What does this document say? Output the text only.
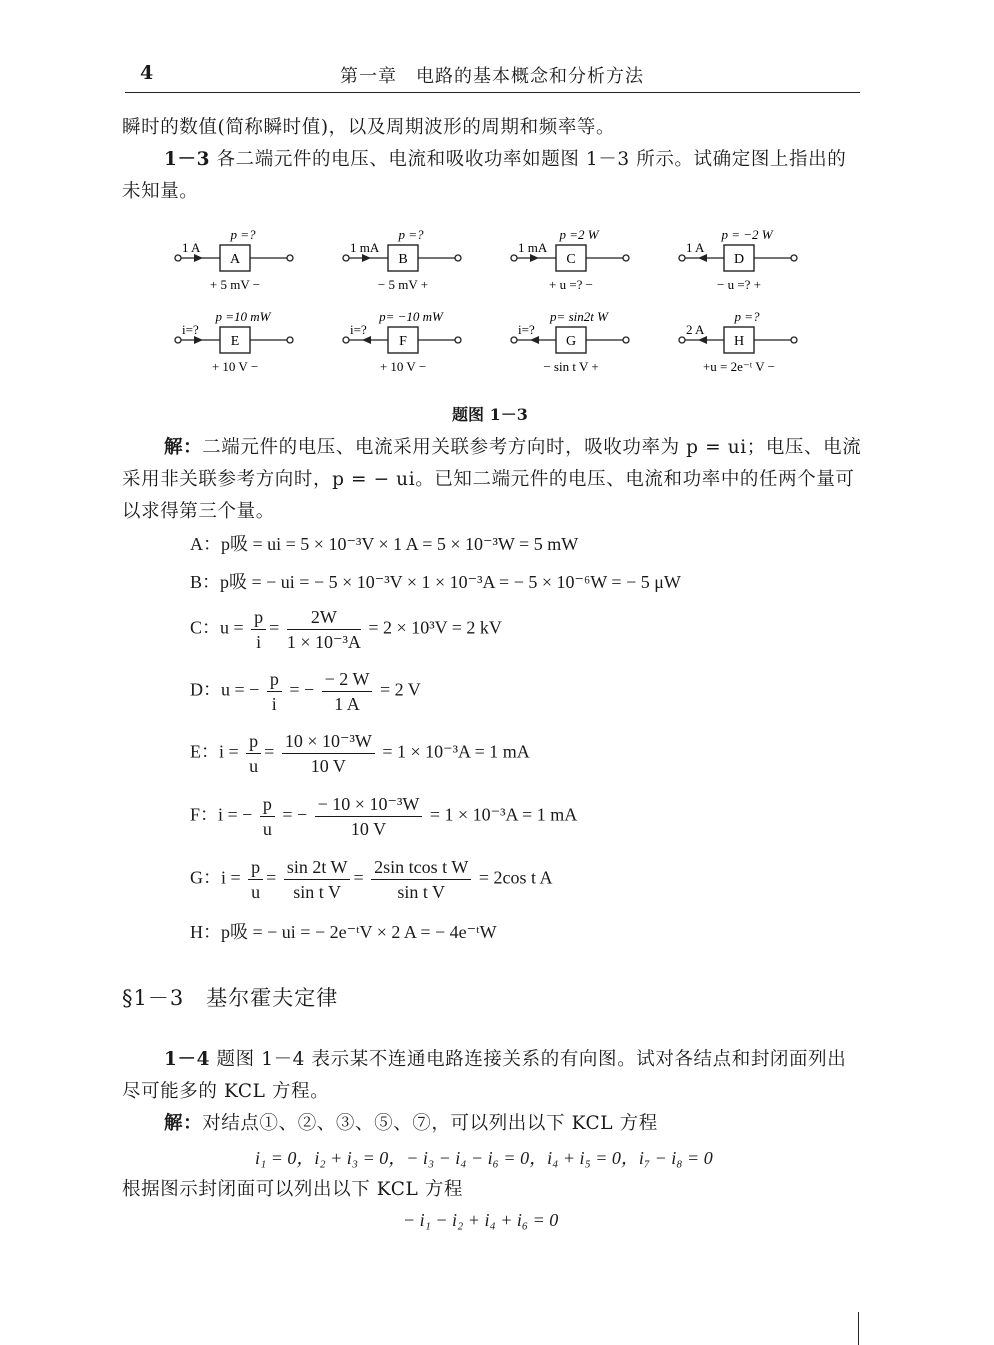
4	第一章　电路的基本概念和分析方法
瞬时的数值(简称瞬时值)，以及周期波形的周期和频率等。
1－3 各二端元件的电压、电流和吸收功率如题图 1－3 所示。试确定图上指出的未知量。
A
p =?
1 A
+ 5 mV −
B
p =?
1 mA
− 5 mV +
C
p =2 W
1 mA
+ u =? −
D
p = −2 W
1 A
− u =? +
E
p =10 mW
i=?
+ 10 V −
F
p= −10 mW
i=?
+ 10 V −
G
p= sin2t W
i=?
− sin t V +
H
p =?
2 A
+u = 2e⁻ᵗ V −
题图 1－3
解：二端元件的电压、电流采用关联参考方向时，吸收功率为 p = ui；电压、电流采用非关联参考方向时，p = − ui。已知二端元件的电压、电流和功率中的任两个量可以求得第三个量。
A：p吸 = ui = 5 × 10⁻³V × 1 A = 5 × 10⁻³W = 5 mW
B：p吸 = − ui = − 5 × 10⁻³V × 1 × 10⁻³A = − 5 × 10⁻⁶W = − 5 μW
C：$u = \frac{p}{i} = \frac{2W}{\text{1 × 10⁻³A}} = 2 \times 10^3V = 2$ kV
D：u = − $\frac{p}{i}$ = − $\frac{- 2 W}{1 A} = 2$ V
E：$i = \frac{p}{u} = \frac{\text{10 × 10⁻³W}}{10 V} = 1 \times 10^{-3}A = 1$ mA
F：i = − $\frac{p}{u}$ = − $\frac{\text{− 10 × 10⁻³W}}{10 V} = 1 \times 10^{-3}A = 1$ mA
G：$i = \frac{p}{u} = \frac{\text{sin 2t W}}{\text{sin t V}} = \frac{\text{2sin tcos t W}}{\text{sin t V}} = 2\cos$ t A
H：p吸 = − ui = − 2e⁻ᵗV × 2 A = − 4e⁻ᵗW
§1－3　基尔霍夫定律
1－4 题图 1－4 表示某不连通电路连接关系的有向图。试对各结点和封闭面列出尽可能多的 KCL 方程。
解：对结点①、②、③、⑤、⑦，可以列出以下 KCL 方程
i₁ = 0，i₂ + i₃ = 0，− i₃ − i₄ − i₆ = 0，i₄ + i₅ = 0，i₇ − i₈ = 0
根据图示封闭面可以列出以下 KCL 方程
− i₁ − i₂ + i₄ + i₆ = 0
